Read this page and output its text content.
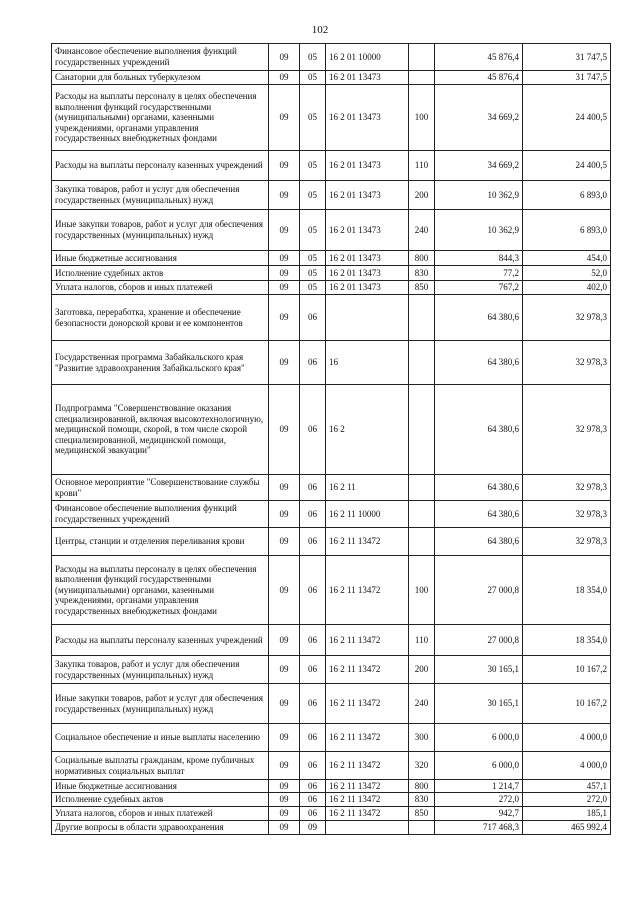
102
Финансовое обеспечение выполнения функций государственных учреждений	09	05	16 2 01 10000		45 876,4	31 747,5
Санатории для больных туберкулезом	09	05	16 2 01 13473		45 876,4	31 747,5
Расходы на выплаты персоналу в целях обеспечения выполнения функций государственными (муниципальными) органами, казенными учреждениями, органами управления государственных внебюджетных фондами	09	05	16 2 01 13473	100	34 669,2	24 400,5
Расходы на выплаты персоналу казенных учреждений	09	05	16 2 01 13473	110	34 669,2	24 400,5
Закупка товаров, работ и услуг для обеспечения государственных (муниципальных) нужд	09	05	16 2 01 13473	200	10 362,9	6 893,0
Иные закупки товаров, работ и услуг для обеспечения государственных (муниципальных) нужд	09	05	16 2 01 13473	240	10 362,9	6 893,0
Иные бюджетные ассигнования	09	05	16 2 01 13473	800	844,3	454,0
Исполнение судебных актов	09	05	16 2 01 13473	830	77,2	52,0
Уплата налогов, сборов и иных платежей	09	05	16 2 01 13473	850	767,2	402,0
Заготовка, переработка, хранение и обеспечение безопасности донорской крови и ее компонентов	09	06			64 380,6	32 978,3
Государственная программа Забайкальского края "Развитие здравоохранения Забайкальского края"	09	06	16		64 380,6	32 978,3
Подпрограмма "Совершенствование оказания специализированной, включая высокотехнологичную, медицинской помощи, скорой, в том числе скорой специализированной, медицинской помощи, медицинской эвакуации"	09	06	16 2		64 380,6	32 978,3
Основное мероприятие "Совершенствование службы крови"	09	06	16 2 11		64 380,6	32 978,3
Финансовое обеспечение выполнения функций государственных учреждений	09	06	16 2 11 10000		64 380,6	32 978,3
Центры, станции и отделения переливания крови	09	06	16 2 11 13472		64 380,6	32 978,3
Расходы на выплаты персоналу в целях обеспечения выполнения функций государственными (муниципальными) органами, казенными учреждениями, органами управления государственных внебюджетных фондами	09	06	16 2 11 13472	100	27 000,8	18 354,0
Расходы на выплаты персоналу казенных учреждений	09	06	16 2 11 13472	110	27 000,8	18 354,0
Закупка товаров, работ и услуг для обеспечения государственных (муниципальных) нужд	09	06	16 2 11 13472	200	30 165,1	10 167,2
Иные закупки товаров, работ и услуг для обеспечения государственных (муниципальных) нужд	09	06	16 2 11 13472	240	30 165,1	10 167,2
Социальное обеспечение и иные выплаты населению	09	06	16 2 11 13472	300	6 000,0	4 000,0
Социальные выплаты гражданам, кроме публичных нормативных социальных выплат	09	06	16 2 11 13472	320	6 000,0	4 000,0
Иные бюджетные ассигнования	09	06	16 2 11 13472	800	1 214,7	457,1
Исполнение судебных актов	09	06	16 2 11 13472	830	272,0	272,0
Уплата налогов, сборов и иных платежей	09	06	16 2 11 13472	850	942,7	185,1
Другие вопросы в области здравоохранения	09	09			717 468,3	465 992,4
